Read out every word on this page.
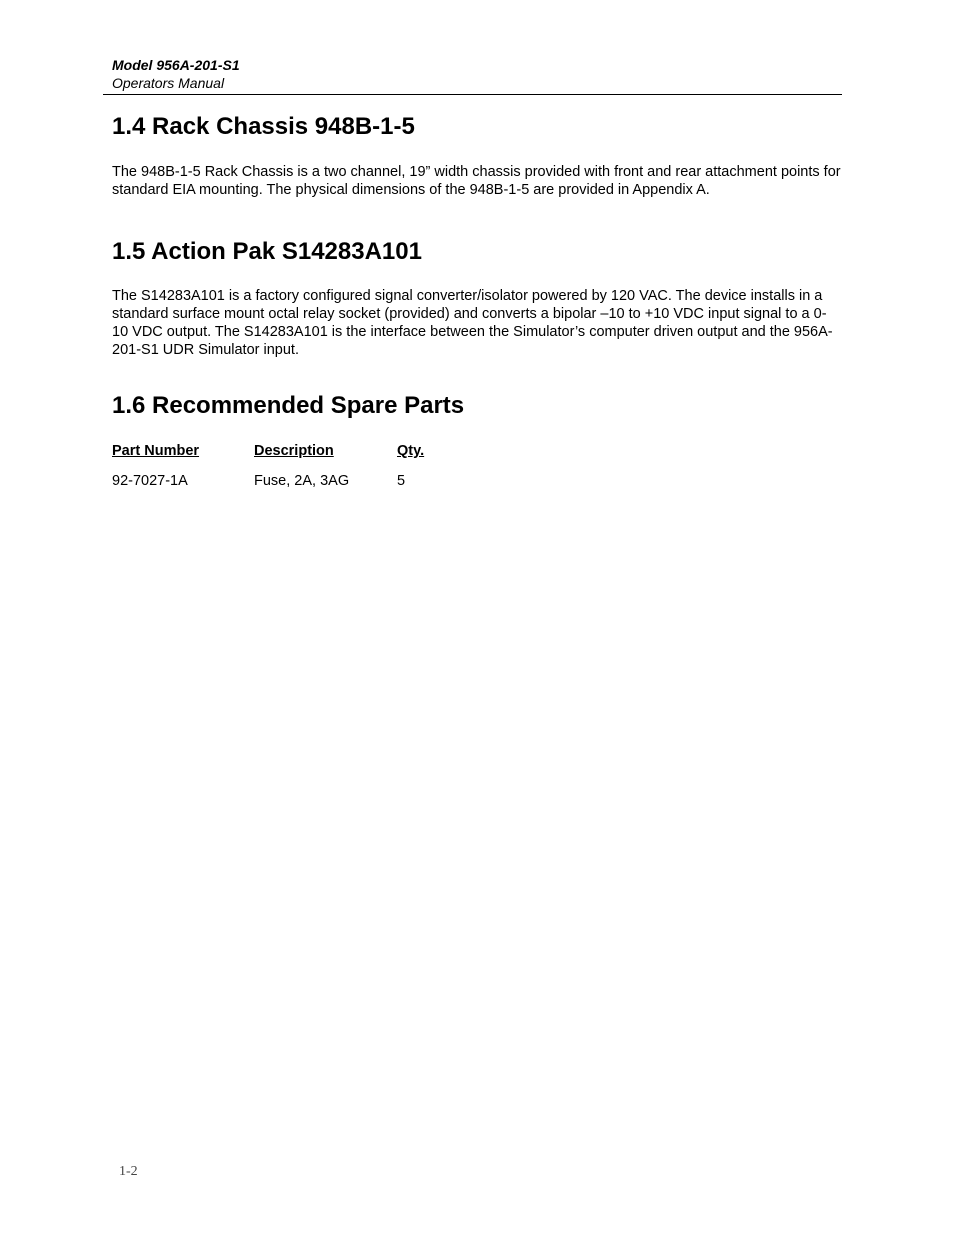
Model 956A-201-S1
Operators Manual
1.4 Rack Chassis 948B-1-5

The 948B-1-5 Rack Chassis is a two channel, 19” width chassis provided with front and rear attachment points for standard EIA mounting. The physical dimensions of the 948B-1-5 are provided in Appendix A.

1.5 Action Pak S14283A101

The S14283A101 is a factory configured signal converter/isolator powered by 120 VAC. The device installs in a standard surface mount octal relay socket (provided) and converts a bipolar –10 to +10 VDC input signal to a 0-10 VDC output. The S14283A101 is the interface between the Simulator’s computer driven output and the 956A-201-S1 UDR Simulator input.

1.6 Recommended Spare Parts
Part Number	Description	Qty.
92-7027-1A	Fuse, 2A, 3AG	5
1-2
